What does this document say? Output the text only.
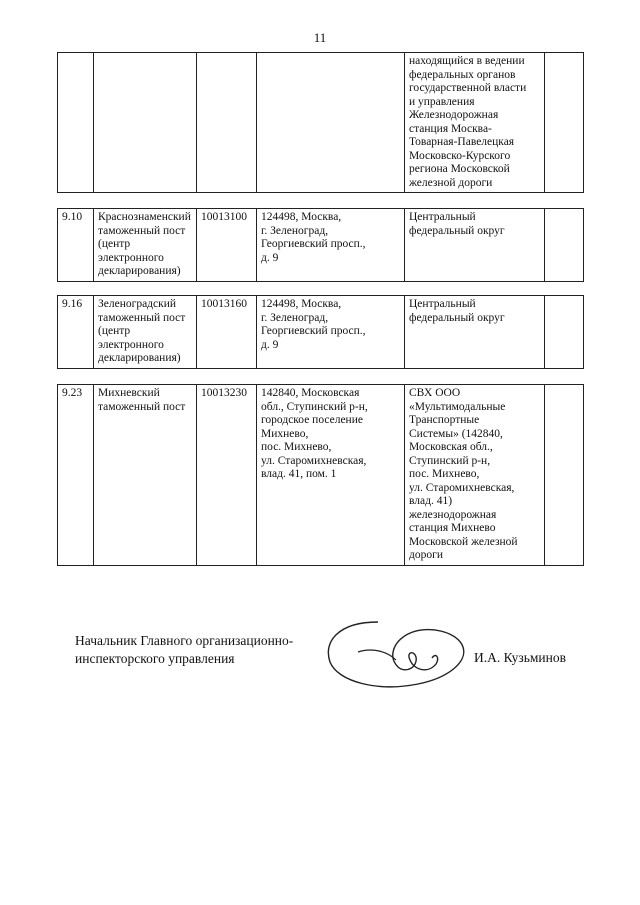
11
				находящийся в ведении
федеральных органов
государственной власти
и управления
Железнодорожная
станция Москва-
Товарная-Павелецкая
Московско-Курского
региона Московской
железной дороги	
9.10	Краснознаменский
таможенный пост
(центр
электронного
декларирования)	10013100	124498, Москва,
г. Зеленоград,
Георгиевский просп.,
д. 9	Центральный
федеральный округ	
9.16	Зеленоградский
таможенный пост
(центр
электронного
декларирования)	10013160	124498, Москва,
г. Зеленоград,
Георгиевский просп.,
д. 9	Центральный
федеральный округ	
9.23	Михневский
таможенный пост	10013230	142840, Московская
обл., Ступинский р-н,
городское поселение
Михнево,
пос. Михнево,
ул. Старомихневская,
влад. 41, пом. 1	СВХ ООО
«Мультимодальные
Транспортные
Системы» (142840,
Московская обл.,
Ступинский р-н,
пос. Михнево,
ул. Старомихневская,
влад. 41)
железнодорожная
станция Михнево
Московской железной
дороги	
Начальник Главного организационно-
инспекторского управления	И.А. Кузьминов
